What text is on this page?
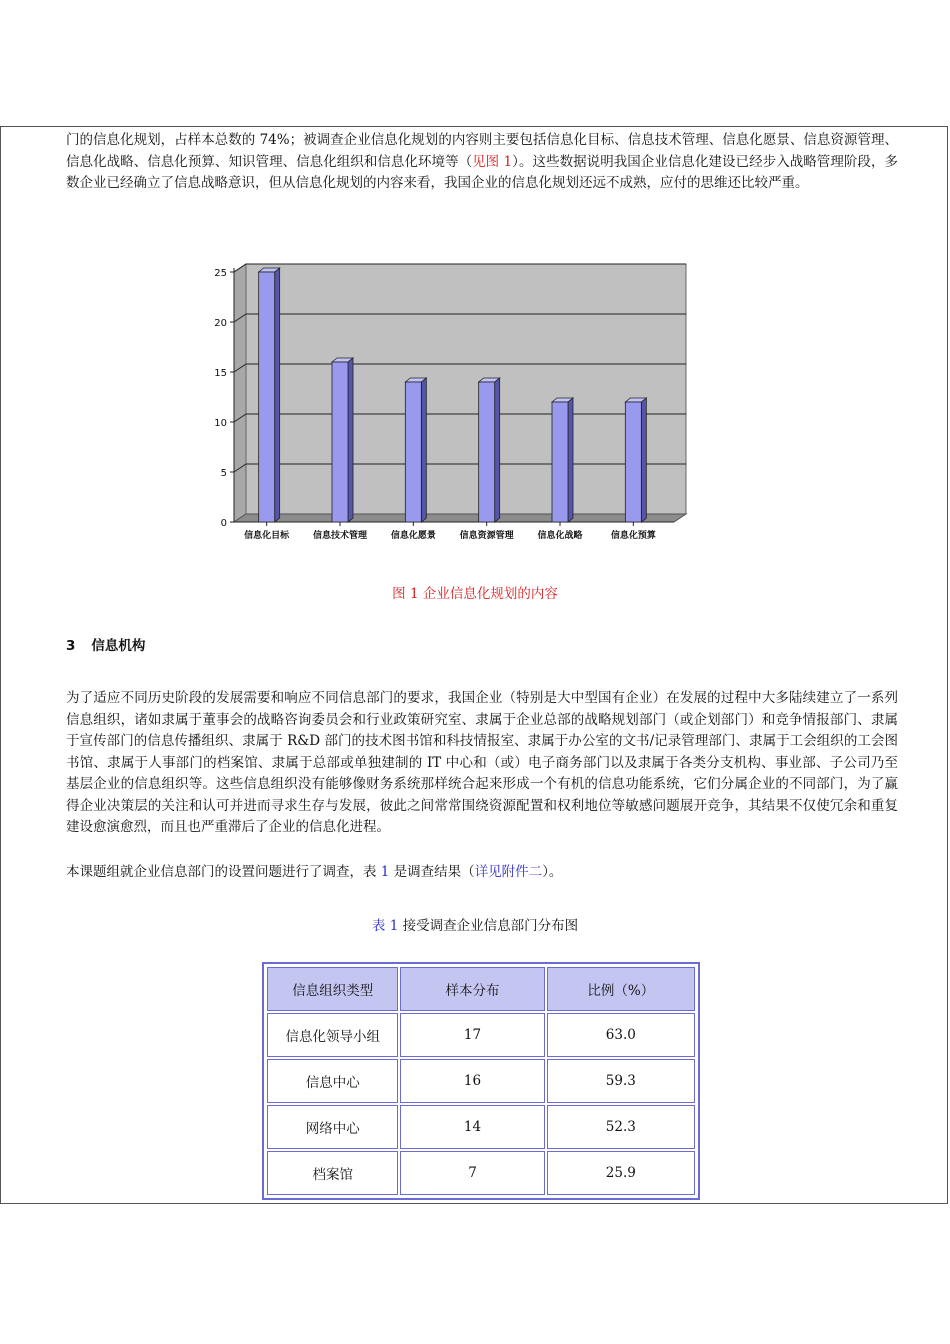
门的信息化规划，占样本总数的 74%；被调查企业信息化规划的内容则主要包括信息化目标、信息技术管理、信息化愿景、信息资源管理、信息化战略、信息化预算、知识管理、信息化组织和信息化环境等（见图 1）。这些数据说明我国企业信息化建设已经步入战略管理阶段，多数企业已经确立了信息战略意识，但从信息化规划的内容来看，我国企业的信息化规划还远不成熟，应付的思维还比较严重。

0
5
10
15
20
25
信息化目标	信息技术管理	信息化愿景	信息资源管理	信息化战略	信息化预算

图 1 企业信息化规划的内容

3 信息机构

为了适应不同历史阶段的发展需要和响应不同信息部门的要求，我国企业（特别是大中型国有企业）在发展的过程中大多陆续建立了一系列信息组织，诸如隶属于董事会的战略咨询委员会和行业政策研究室、隶属于企业总部的战略规划部门（或企划部门）和竞争情报部门、隶属于宣传部门的信息传播组织、隶属于 R&D 部门的技术图书馆和科技情报室、隶属于办公室的文书/记录管理部门、隶属于工会组织的工会图书馆、隶属于人事部门的档案馆、隶属于总部或单独建制的 IT 中心和（或）电子商务部门以及隶属于各类分支机构、事业部、子公司乃至基层企业的信息组织等。这些信息组织没有能够像财务系统那样统合起来形成一个有机的信息功能系统，它们分属企业的不同部门，为了赢得企业决策层的关注和认可并进而寻求生存与发展，彼此之间常常围绕资源配置和权利地位等敏感问题展开竞争，其结果不仅使冗余和重复建设愈演愈烈，而且也严重滞后了企业的信息化进程。

本课题组就企业信息部门的设置问题进行了调查，表 1 是调查结果（详见附件二）。

表 1 接受调查企业信息部门分布图

信息组织类型	样本分布	比例（%）
信息化领导小组	17	63.0
信息中心	16	59.3
网络中心	14	52.3
档案馆	7	25.9
